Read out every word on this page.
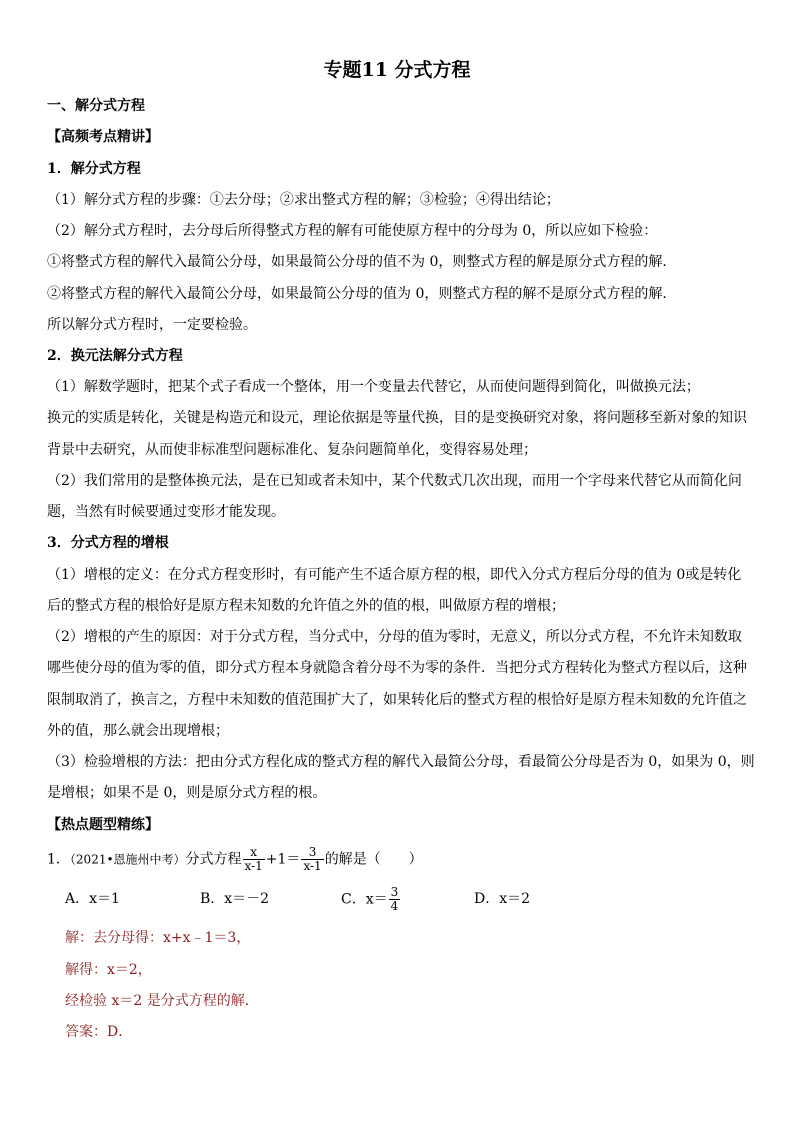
专题11 分式方程
一、解分式方程
【高频考点精讲】
1．解分式方程
（1）解分式方程的步骤：①去分母；②求出整式方程的解；③检验；④得出结论；
（2）解分式方程时，去分母后所得整式方程的解有可能使原方程中的分母为 0，所以应如下检验：
①将整式方程的解代入最简公分母，如果最简公分母的值不为 0，则整式方程的解是原分式方程的解．
②将整式方程的解代入最简公分母，如果最简公分母的值为 0，则整式方程的解不是原分式方程的解．
所以解分式方程时，一定要检验。
2．换元法解分式方程
（1）解数学题时，把某个式子看成一个整体，用一个变量去代替它，从而使问题得到简化，叫做换元法；
换元的实质是转化，关键是构造元和设元，理论依据是等量代换，目的是变换研究对象，将问题移至新对象的知识
背景中去研究，从而使非标准型问题标准化、复杂问题简单化，变得容易处理；
（2）我们常用的是整体换元法，是在已知或者未知中，某个代数式几次出现，而用一个字母来代替它从而简化问
题，当然有时候要通过变形才能发现。
3．分式方程的增根
（1）增根的定义：在分式方程变形时，有可能产生不适合原方程的根，即代入分式方程后分母的值为 0或是转化
后的整式方程的根恰好是原方程未知数的允许值之外的值的根，叫做原方程的增根；
（2）增根的产生的原因：对于分式方程，当分式中，分母的值为零时，无意义，所以分式方程，不允许未知数取
哪些使分母的值为零的值，即分式方程本身就隐含着分母不为零的条件．当把分式方程转化为整式方程以后，这种
限制取消了，换言之，方程中未知数的值范围扩大了，如果转化后的整式方程的根恰好是原方程未知数的允许值之
外的值，那么就会出现增根；
（3）检验增根的方法：把由分式方程化成的整式方程的解代入最简公分母，看最简公分母是否为 0，如果为 0，则
是增根；如果不是 0，则是原分式方程的根。
【热点题型精练】
1．（2021•恩施州中考）分式方程 $\frac{x}{x-1} +1= \frac{3}{x-1}$ 的解是（　　）
A．x＝1	B．x＝－2	C．$x= \frac{3}{4}$	D．x＝2
解：去分母得：x+x﹣1＝3，
解得：x＝2，
经检验 x＝2 是分式方程的解．
答案：D．
